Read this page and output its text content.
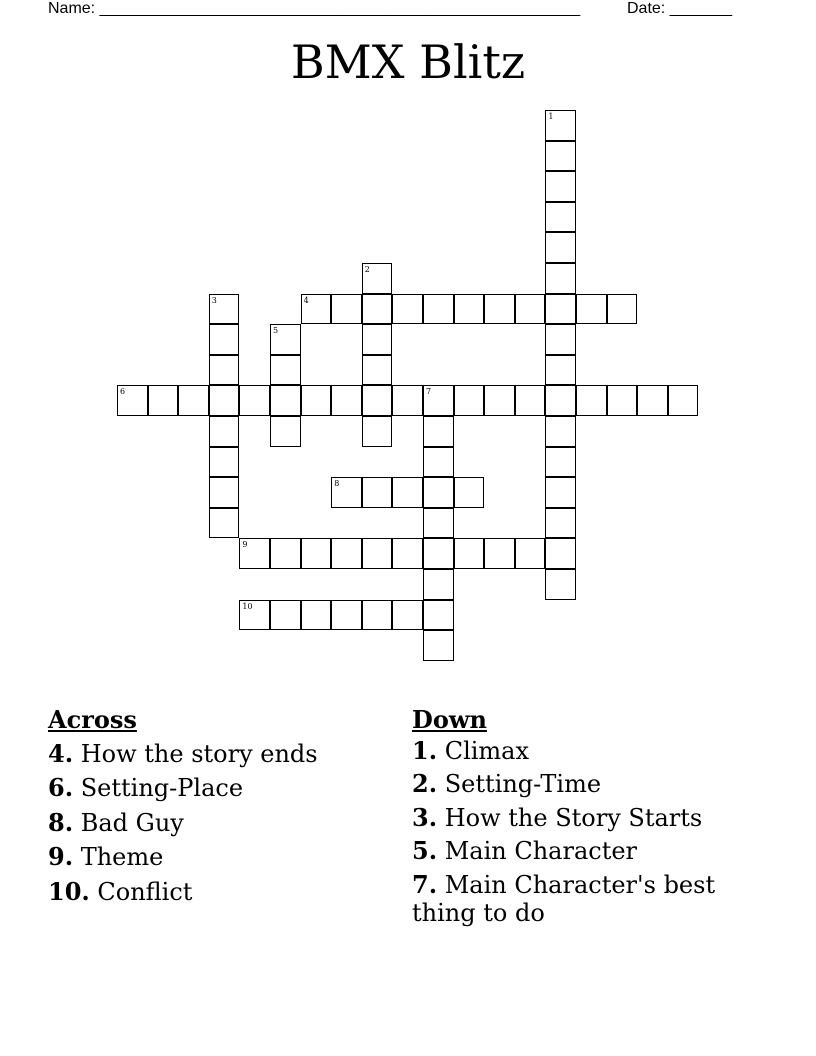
Name: ______________________________________________________	Date: _______
BMX Blitz
1
2
3	4
5
6	7
8
9
10
Across
4. How the story ends
6. Setting-Place
8. Bad Guy
9. Theme
10. Conflict
Down
1. Climax
2. Setting-Time
3. How the Story Starts
5. Main Character
7. Main Character's best thing to do
